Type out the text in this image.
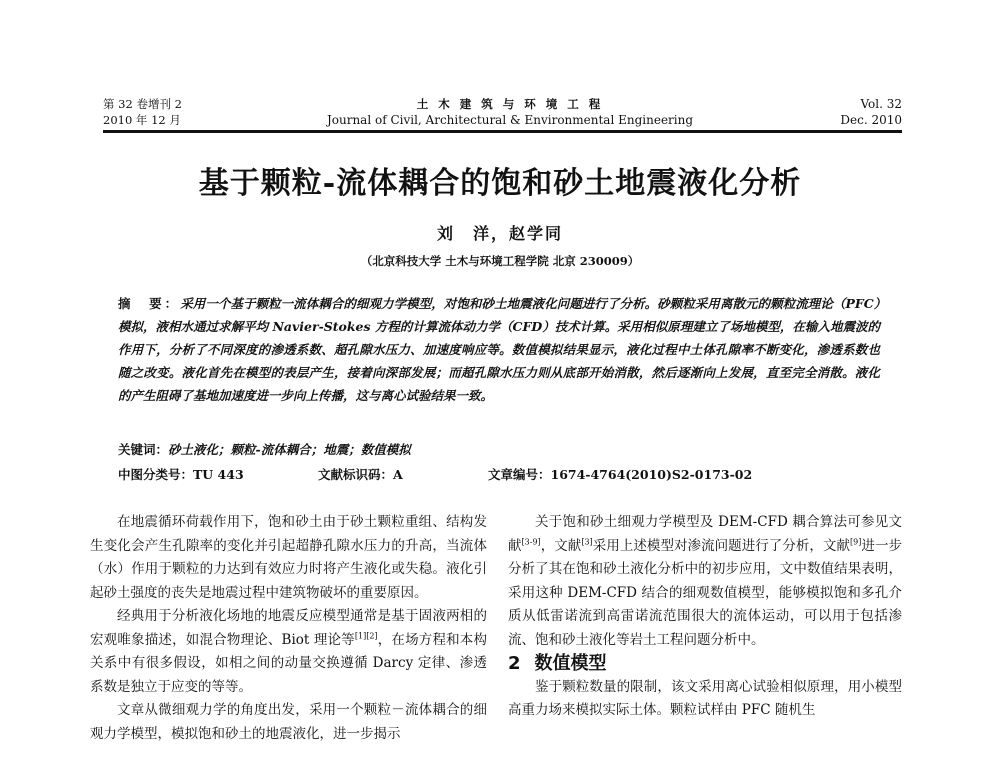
第 32 卷增刊 2
2010 年 12 月
土 木 建 筑 与 环 境 工 程
Journal of Civil, Architectural & Environmental Engineering
Vol. 32
Dec. 2010
基于颗粒-流体耦合的饱和砂土地震液化分析
刘　洋，赵学同
（北京科技大学 土木与环境工程学院 北京 230009）
摘　要：采用一个基于颗粒一流体耦合的细观力学模型，对饱和砂土地震液化问题进行了分析。砂颗粒采用离散元的颗粒流理论（PFC）模拟，液相水通过求解平均 Navier-Stokes 方程的计算流体动力学（CFD）技术计算。采用相似原理建立了场地模型，在输入地震波的作用下，分析了不同深度的渗透系数、超孔隙水压力、加速度响应等。数值模拟结果显示，液化过程中土体孔隙率不断变化，渗透系数也随之改变。液化首先在模型的表层产生，接着向深部发展；而超孔隙水压力则从底部开始消散，然后逐渐向上发展，直至完全消散。液化的产生阻碍了基地加速度进一步向上传播，这与离心试验结果一致。
关键词：砂土液化；颗粒-流体耦合；地震；数值模拟
中图分类号：TU 443	文献标识码：A	文章编号：1674-4764(2010)S2-0173-02

在地震循环荷载作用下，饱和砂土由于砂土颗粒重组、结构发生变化会产生孔隙率的变化并引起超静孔隙水压力的升高，当流体（水）作用于颗粒的力达到有效应力时将产生液化或失稳。液化引起砂土强度的丧失是地震过程中建筑物破坏的重要原因。

经典用于分析液化场地的地震反应模型通常是基于固液两相的宏观唯象描述，如混合物理论、Biot 理论等[1][2]，在场方程和本构关系中有很多假设，如相之间的动量交换遵循 Darcy 定律、渗透系数是独立于应变的等等。

文章从微细观力学的角度出发，采用一个颗粒－流体耦合的细观力学模型，模拟饱和砂土的地震液化，进一步揭示

关于饱和砂土细观力学模型及 DEM-CFD 耦合算法可参见文献[3-9]，文献[3]采用上述模型对渗流问题进行了分析，文献[9]进一步分析了其在饱和砂土液化分析中的初步应用，文中数值结果表明，采用这种 DEM-CFD 结合的细观数值模型，能够模拟饱和多孔介质从低雷诺流到高雷诺流范围很大的流体运动，可以用于包括渗流、饱和砂土液化等岩土工程问题分析中。

2 数值模型

鉴于颗粒数量的限制，该文采用离心试验相似原理，用小模型高重力场来模拟实际土体。颗粒试样由 PFC 随机生
